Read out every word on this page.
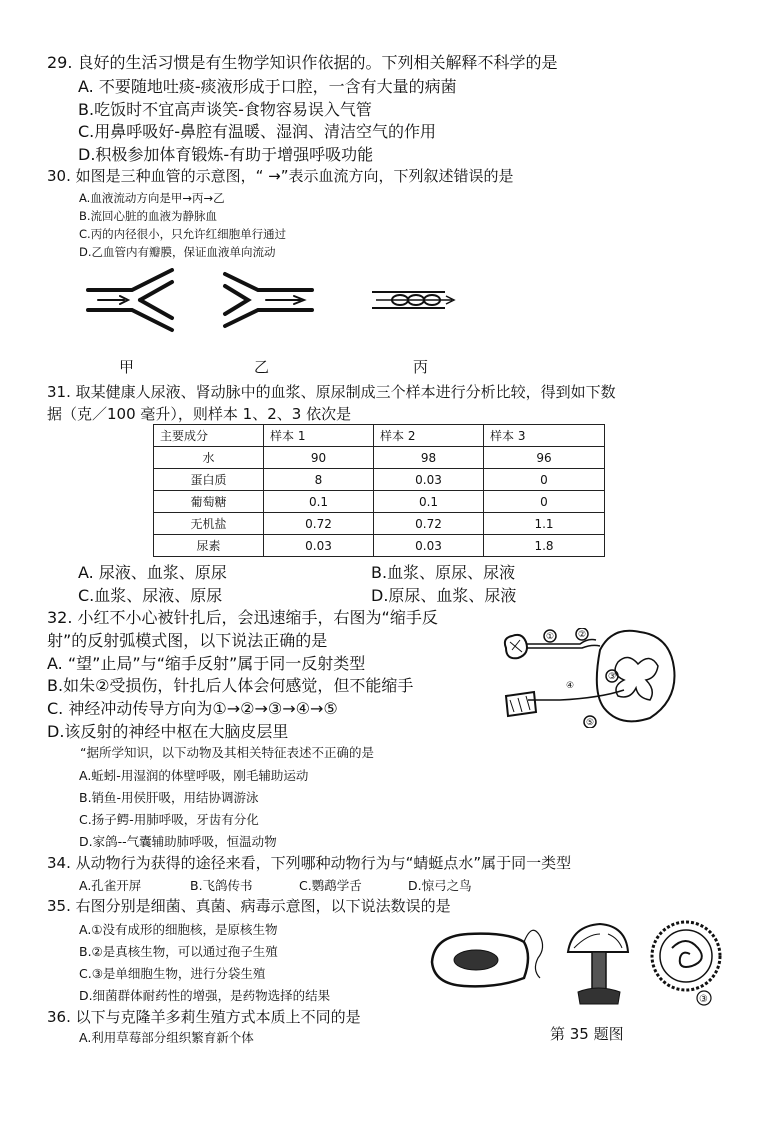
29. 良好的生活习惯是有生物学知识作依据的。下列相关解释不科学的是
A. 不要随地吐痰-痰液形成于口腔，一含有大量的病菌
B.吃饭时不宜高声谈笑-食物容易误入气管
C.用鼻呼吸好-鼻腔有温暖、湿润、清洁空气的作用
D.积极参加体育锻炼-有助于增强呼吸功能
30. 如图是三种血管的示意图，“ →”表示血流方向，下列叙述错误的是
A.血液流动方向是甲→丙→乙
B.流回心脏的血液为静脉血
C.丙的内径很小，只允许红细胞单行通过
D.乙血管内有瓣膜，保证血液单向流动
甲	乙	丙
31. 取某健康人尿液、肾动脉中的血浆、原尿制成三个样本进行分析比较，得到如下数
据（克／100 毫升），则样本 1、2、3 依次是
主要成分	样本 1	样本 2	样本 3
水	90	98	96
蛋白质	8	0.03	0
葡萄糖	0.1	0.1	0
无机盐	0.72	0.72	1.1
尿素	0.03	0.03	1.8
A. 尿液、血浆、原尿	B.血浆、原尿、尿液
C.血浆、尿液、原尿	D.原尿、血浆、尿液
32. 小红不小心被针扎后，会迅速缩手，右图为“缩手反
射”的反射弧模式图，以下说法正确的是
A. “望”止局”与“缩手反射”属于同一反射类型
B.如朱②受损伤，针扎后人体会何感觉，但不能缩手
C. 神经冲动传导方向为①→②→③→④→⑤
D.该反射的神经中枢在大脑皮层里
①	②
③
④
⑤
“据所学知识，以下动物及其相关特征表述不正确的是
A.蚯蚓-用湿润的体壁呼吸，刚毛辅助运动
B.销鱼-用侯肝吸，用结协调游泳
C.扬子鳄-用肺呼吸，牙齿有分化
D.家鸽--气囊辅助肺呼吸，恒温动物
34. 从动物行为获得的途径来看，下列哪种动物行为与“蜻蜓点水”属于同一类型
A.孔雀开屏	B.飞鸽传书	C.鹦鹉学舌	D.惊弓之鸟
35. 右图分别是细菌、真菌、病毒示意图，以下说法数误的是
A.①没有成形的细胞核，是原核生物
B.②是真核生物，可以通过孢子生殖
C.③是单细胞生物，进行分袋生殖
D.细菌群体耐药性的增强，是药物选择的结果	③
第 35 题图
36. 以下与克隆羊多莉生殖方式本质上不同的是
A.利用草莓部分组织繁育新个体
